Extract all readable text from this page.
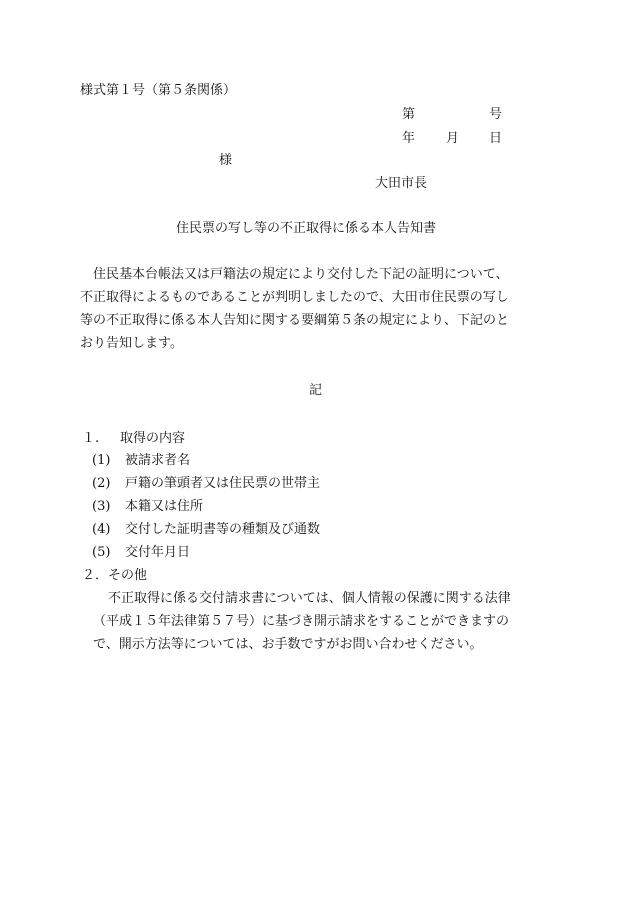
様式第１号（第５条関係）
第	号
年 月 日
様
大田市長
住民票の写し等の不正取得に係る本人告知書
　住民基本台帳法又は戸籍法の規定により交付した下記の証明について、
不正取得によるものであることが判明しましたので、大田市住民票の写し
等の不正取得に係る本人告知に関する要綱第５条の規定により、下記のと
おり告知します。
記
１. 取得の内容
(1) 被請求者名
(2) 戸籍の筆頭者又は住民票の世帯主
(3) 本籍又は住所
(4) 交付した証明書等の種類及び通数
(5) 交付年月日
２．その他
不正取得に係る交付請求書については、個人情報の保護に関する法律
（平成１５年法律第５７号）に基づき開示請求をすることができますの
で、開示方法等については、お手数ですがお問い合わせください。
